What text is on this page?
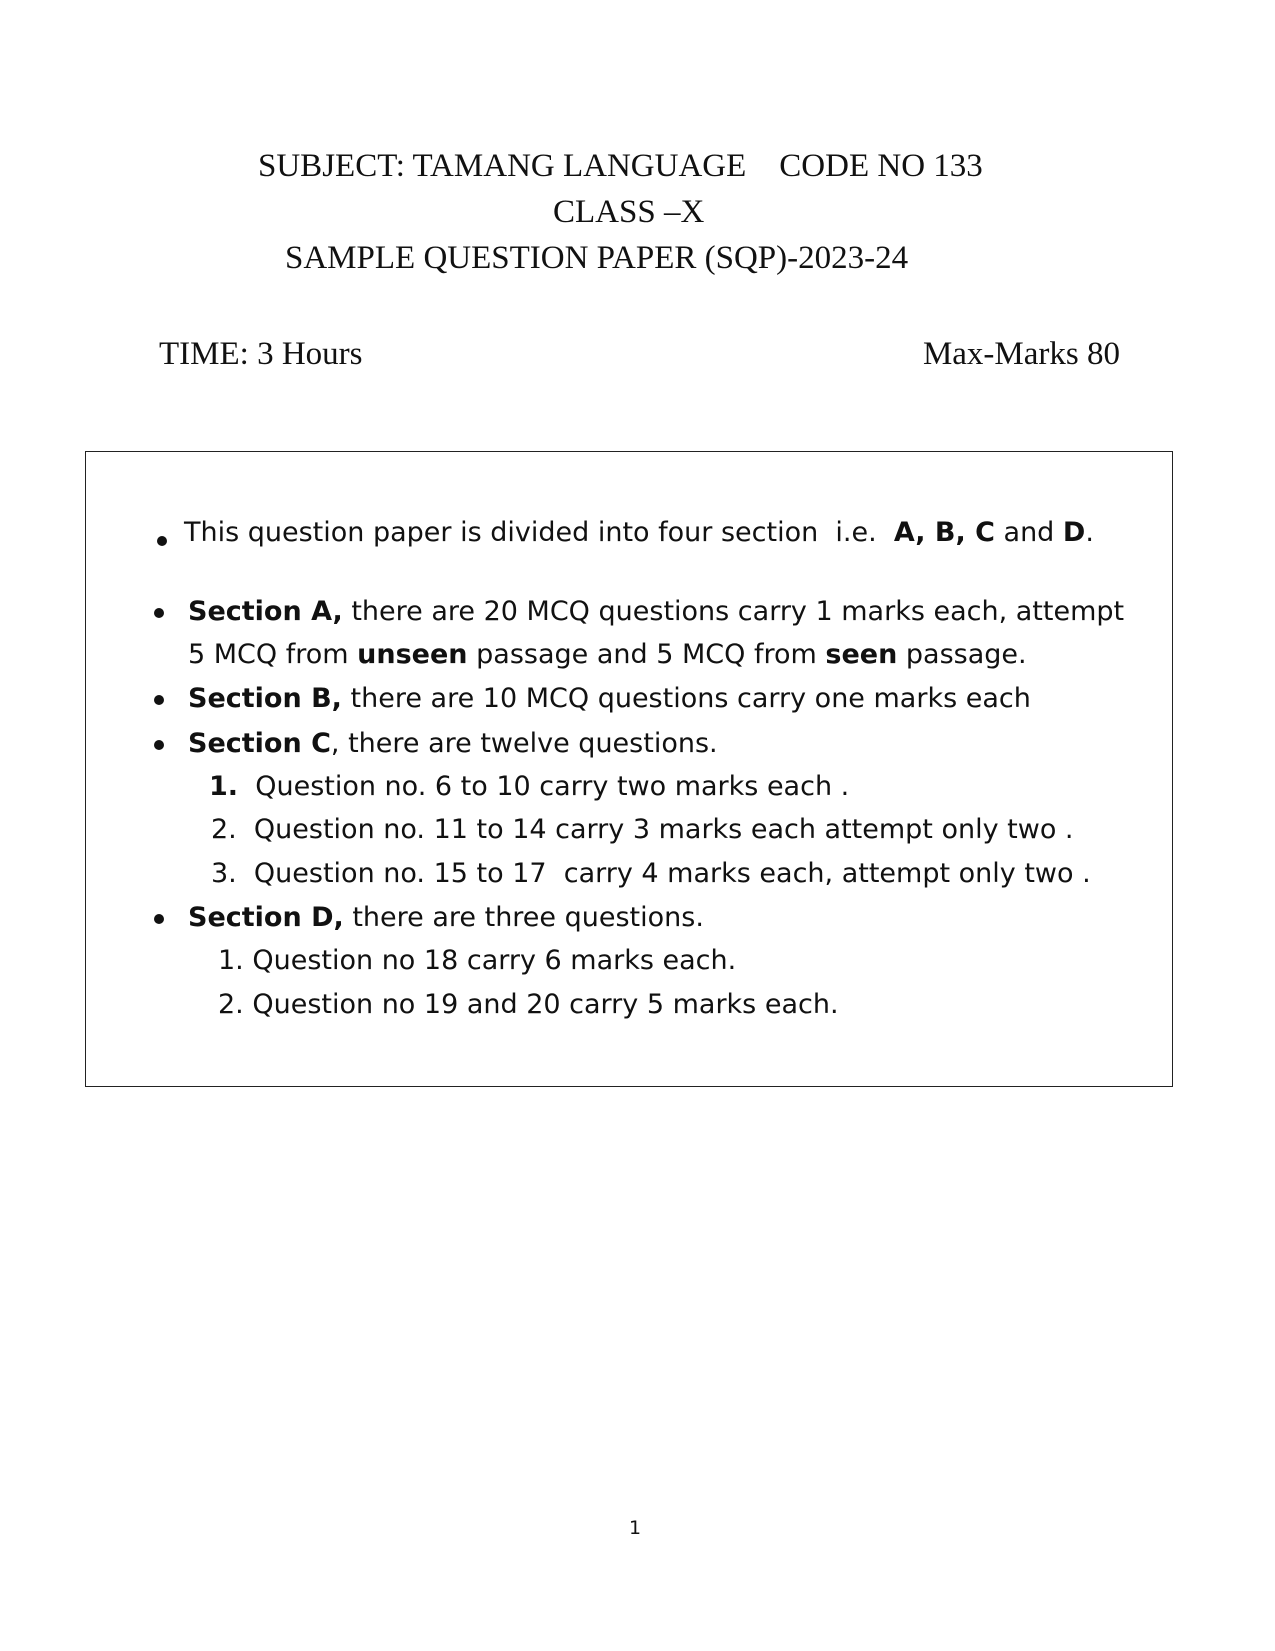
SUBJECT: TAMANG LANGUAGE CODE NO 133
CLASS –X
SAMPLE QUESTION PAPER (SQP)-2023-24
TIME: 3 Hours	Max-Marks 80
This question paper is divided into four section  i.e.  A, B, C and D.
Section A, there are 20 MCQ questions carry 1 marks each, attempt
5 MCQ from unseen passage and 5 MCQ from seen passage.
Section B, there are 10 MCQ questions carry one marks each
Section C, there are twelve questions.
1.  Question no. 6 to 10 carry two marks each .
2.  Question no. 11 to 14 carry 3 marks each attempt only two .
3.  Question no. 15 to 17  carry 4 marks each, attempt only two .
Section D, there are three questions.
1. Question no 18 carry 6 marks each.
2. Question no 19 and 20 carry 5 marks each.
1
